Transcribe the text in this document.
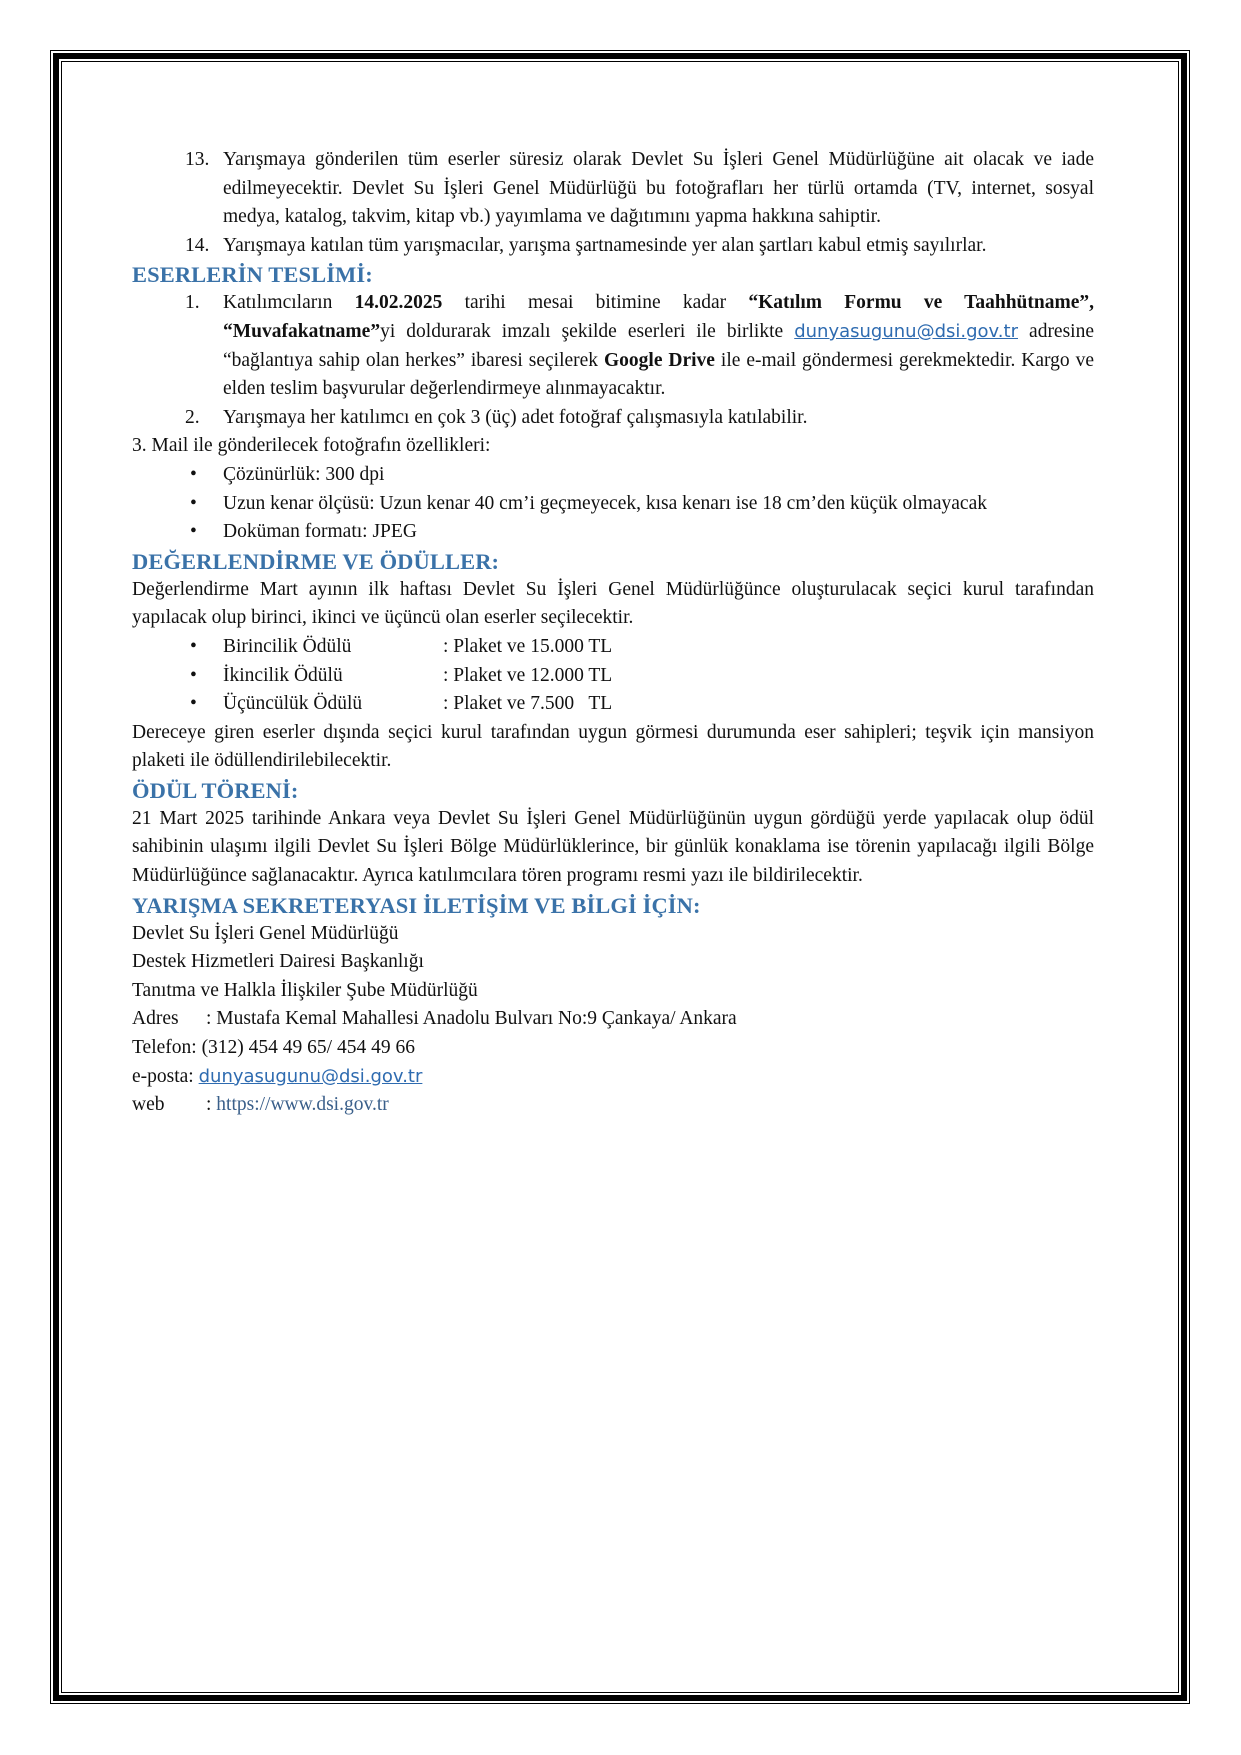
13. Yarışmaya gönderilen tüm eserler süresiz olarak Devlet Su İşleri Genel Müdürlüğüne ait olacak ve iade edilmeyecektir. Devlet Su İşleri Genel Müdürlüğü bu fotoğrafları her türlü ortamda (TV, internet, sosyal medya, katalog, takvim, kitap vb.) yayımlama ve dağıtımını yapma hakkına sahiptir.
14. Yarışmaya katılan tüm yarışmacılar, yarışma şartnamesinde yer alan şartları kabul etmiş sayılırlar.
ESERLERİN TESLİMİ:
1. Katılımcıların 14.02.2025 tarihi mesai bitimine kadar “Katılım Formu ve Taahhütname”, “Muvafakatname”yi doldurarak imzalı şekilde eserleri ile birlikte dunyasugunu@dsi.gov.tr adresine “bağlantıya sahip olan herkes” ibaresi seçilerek Google Drive ile e-mail göndermesi gerekmektedir. Kargo ve elden teslim başvurular değerlendirmeye alınmayacaktır.
2. Yarışmaya her katılımcı en çok 3 (üç) adet fotoğraf çalışmasıyla katılabilir.
3. Mail ile gönderilecek fotoğrafın özellikleri:
• Çözünürlük: 300 dpi
• Uzun kenar ölçüsü: Uzun kenar 40 cm’i geçmeyecek, kısa kenarı ise 18 cm’den küçük olmayacak
• Doküman formatı: JPEG
DEĞERLENDİRME VE ÖDÜLLER:
Değerlendirme Mart ayının ilk haftası Devlet Su İşleri Genel Müdürlüğünce oluşturulacak seçici kurul tarafından yapılacak olup birinci, ikinci ve üçüncü olan eserler seçilecektir.
• Birincilik Ödülü	: Plaket ve 15.000 TL
• İkincilik Ödülü	: Plaket ve 12.000 TL
• Üçüncülük Ödülü	: Plaket ve 7.500   TL
Dereceye giren eserler dışında seçici kurul tarafından uygun görmesi durumunda eser sahipleri; teşvik için mansiyon plaketi ile ödüllendirilebilecektir.
ÖDÜL TÖRENİ:
21 Mart 2025 tarihinde Ankara veya Devlet Su İşleri Genel Müdürlüğünün uygun gördüğü yerde yapılacak olup ödül sahibinin ulaşımı ilgili Devlet Su İşleri Bölge Müdürlüklerince, bir günlük konaklama ise törenin yapılacağı ilgili Bölge Müdürlüğünce sağlanacaktır. Ayrıca katılımcılara tören programı resmi yazı ile bildirilecektir.
YARIŞMA SEKRETERYASI İLETİŞİM VE BİLGİ İÇİN:
Devlet Su İşleri Genel Müdürlüğü
Destek Hizmetleri Dairesi Başkanlığı
Tanıtma ve Halkla İlişkiler Şube Müdürlüğü
Adres : Mustafa Kemal Mahallesi Anadolu Bulvarı No:9 Çankaya/ Ankara
Telefon: (312) 454 49 65/ 454 49 66
e-posta: dunyasugunu@dsi.gov.tr
web : https://www.dsi.gov.tr
